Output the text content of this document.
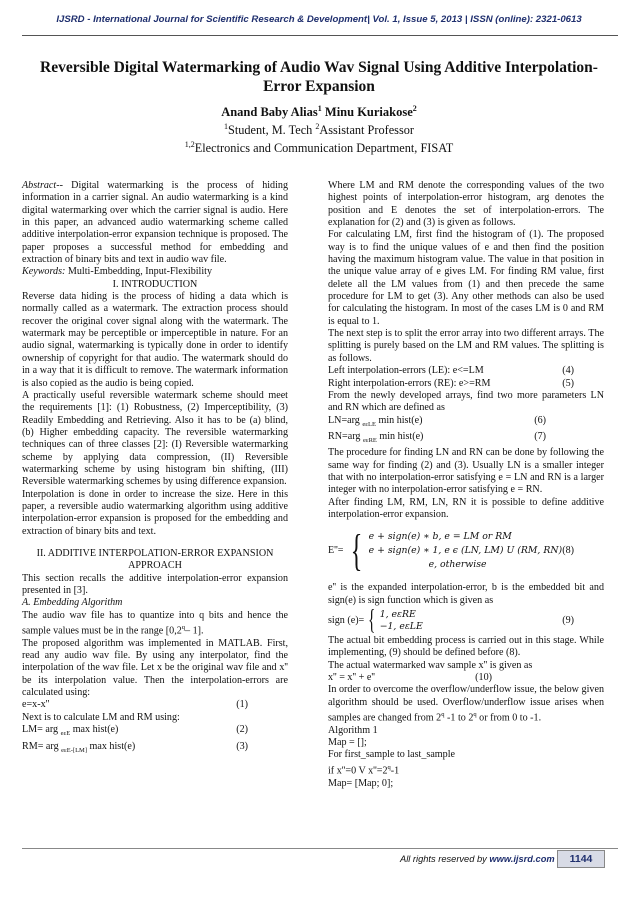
IJSRD - International Journal for Scientific Research & Development| Vol. 1, Issue 5, 2013 | ISSN (online): 2321-0613
Reversible Digital Watermarking of Audio Wav Signal Using Additive Interpolation-Error Expansion
Anand Baby Alias$^1$ Minu Kuriakose$^2$
$^1$Student, M. Tech $^2$Assistant Professor
$^{1,2}$Electronics and Communication Department, FISAT

Abstract-- Digital watermarking is the process of hiding information in a carrier signal. An audio watermarking is a kind digital watermarking over which the carrier signal is audio. Here in this paper, an advanced audio watermarking scheme called additive interpolation-error expansion technique is proposed. The paper proposes a successful method for embedding and extraction of binary bits and text in audio wav file.

Keywords: Multi-Embedding, Input-Flexibility

I. INTRODUCTION

Reverse data hiding is the process of hiding a data which is normally called as a watermark. The extraction process should recover the original cover signal along with the watermark. The watermark may be perceptible or imperceptible in nature. For an audio signal, watermarking is typically done in order to identify ownership of copyright for that audio. The watermark should do in a way that it is difficult to remove. The watermark information is also copied as the audio is being copied.

A practically useful reversible watermark scheme should meet the requirements [1]: (1) Robustness, (2) Imperceptibility, (3) Readily Embedding and Retrieving. Also it has to be (a) blind, (b) Higher embedding capacity. The reversible watermarking techniques can of three classes [2]: (I) Reversible watermarking scheme by applying data compression, (II) Reversible watermarking scheme by using histogram bin shifting, (III) Reversible watermarking schemes by using difference expansion.

Interpolation is done in order to increase the size. Here in this paper, a reversible audio watermarking algorithm using additive interpolation-error expansion is proposed for the embedding and extraction of binary bits and text.

II. ADDITIVE INTERPOLATION-ERROR EXPANSION APPROACH

This section recalls the additive interpolation-error expansion presented in [3].

A. Embedding Algorithm

The audio wav file has to quantize into q bits and hence the sample values must be in the range [0,2$^q$– 1].

The proposed algorithm was implemented in MATLAB. First, read any audio wav file. By using any interpolator, find the interpolation of the wav file. Let x be the original wav file and x'' be its interpolation value. Then the interpolation-errors are calculated using:

e=x-x''	(1)

Next is to calculate LM and RM using:

LM= arg $_{e\varepsilon E}$ max hist(e)	(2)
RM= arg $_{e\varepsilon E-[LM]}$ max hist(e)	(3)

Where LM and RM denote the corresponding values of the two highest points of interpolation-error histogram, arg denotes the position and E denotes the set of interpolation-errors. The explanation for (2) and (3) is given as follows.

For calculating LM, first find the histogram of (1). The proposed way is to find the unique values of e and then find the position having the maximum histogram value. The value in that position in the unique value array of e gives LM. For finding RM value, first delete all the LM values from (1) and then precede the same procedure for LM to get (3). Any other methods can also be used for calculating the histogram. In most of the cases LM is 0 and RM is equal to 1.

The next step is to split the error array into two different arrays. The splitting is purely based on the LM and RM values. The splitting is as follows.

Left interpolation-errors (LE): e<=LM	(4)
Right interpolation-errors (RE): e>=RM	(5)

From the newly developed arrays, find two more parameters LN and RN which are defined as

LN=arg $_{e\varepsilon LE}$ min hist(e)	(6)
RN=arg $_{e\varepsilon RE}$ min hist(e)	(7)

The procedure for finding LN and RN can be done by following the same way for finding (2) and (3). Usually LN is a smaller integer that with no interpolation-error satisfying e = LN and RN is a larger integer with no interpolation-error satisfying e = RN.

After finding LM, RM, LN, RN it is possible to define additive interpolation-error expansion.

E''= { e + sign(e) ∗ b, e = LM or RM
e + sign(e) ∗ 1, e ϵ (LN, LM) U (RM, RN)
e, otherwise
(8)

e'' is the expanded interpolation-error, b is the embedded bit and sign(e) is sign function which is given as

sign (e)= { 1, eεRE
−1, eεLE
(9)

The actual bit embedding process is carried out in this stage. While implementing, (9) should be defined before (8).

The actual watermarked wav sample x'' is given as

x'' = x'' + e''	(10)

In order to overcome the overflow/underflow issue, the below given algorithm should be used. Overflow/underflow issue arises when samples are changed from 2$^q$ -1 to 2$^q$ or from 0 to -1.

Algorithm 1

Map = [];

For first_sample to last_sample

if x''=0 V $x''=2^q-1$

Map= [Map; 0];

All rights reserved by www.ijsrd.com	1144
